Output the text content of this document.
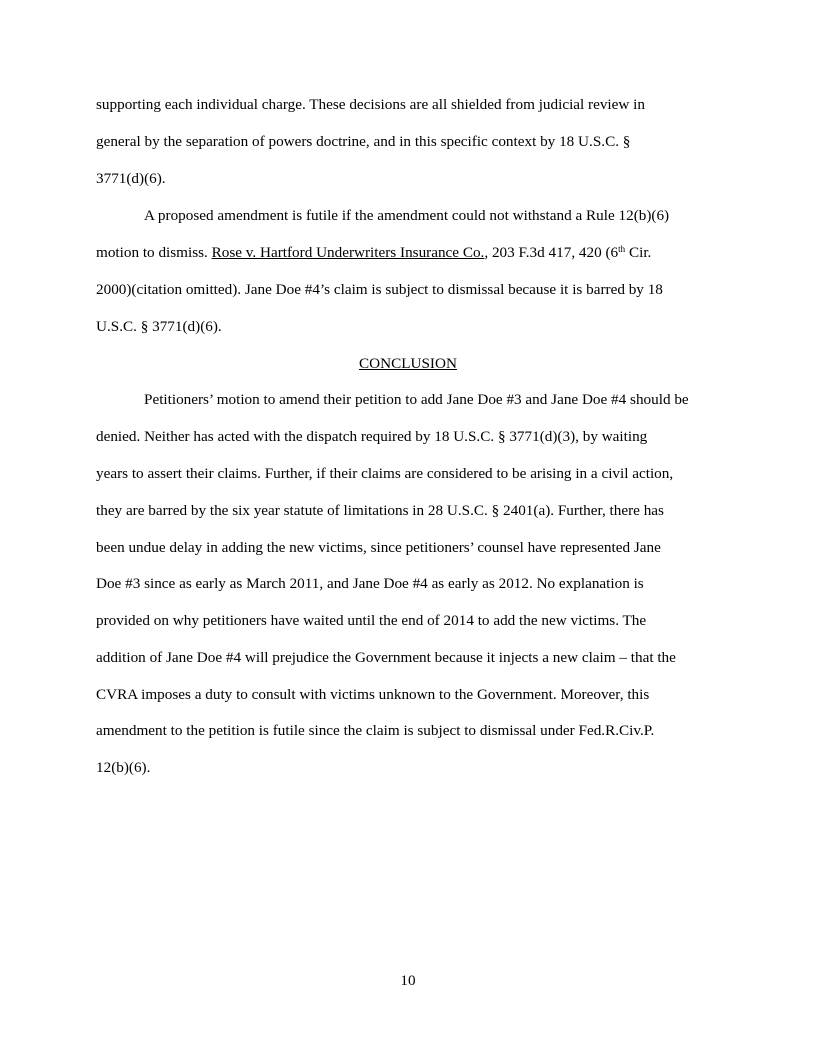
supporting each individual charge. These decisions are all shielded from judicial review in
general by the separation of powers doctrine, and in this specific context by 18 U.S.C. §
3771(d)(6).
A proposed amendment is futile if the amendment could not withstand a Rule 12(b)(6)
motion to dismiss. Rose v. Hartford Underwriters Insurance Co., 203 F.3d 417, 420 (6th Cir.
2000)(citation omitted). Jane Doe #4’s claim is subject to dismissal because it is barred by 18
U.S.C. § 3771(d)(6).
CONCLUSION
Petitioners’ motion to amend their petition to add Jane Doe #3 and Jane Doe #4 should be
denied. Neither has acted with the dispatch required by 18 U.S.C. § 3771(d)(3), by waiting
years to assert their claims. Further, if their claims are considered to be arising in a civil action,
they are barred by the six year statute of limitations in 28 U.S.C. § 2401(a). Further, there has
been undue delay in adding the new victims, since petitioners’ counsel have represented Jane
Doe #3 since as early as March 2011, and Jane Doe #4 as early as 2012. No explanation is
provided on why petitioners have waited until the end of 2014 to add the new victims. The
addition of Jane Doe #4 will prejudice the Government because it injects a new claim – that the
CVRA imposes a duty to consult with victims unknown to the Government. Moreover, this
amendment to the petition is futile since the claim is subject to dismissal under Fed.R.Civ.P.
12(b)(6).
10
